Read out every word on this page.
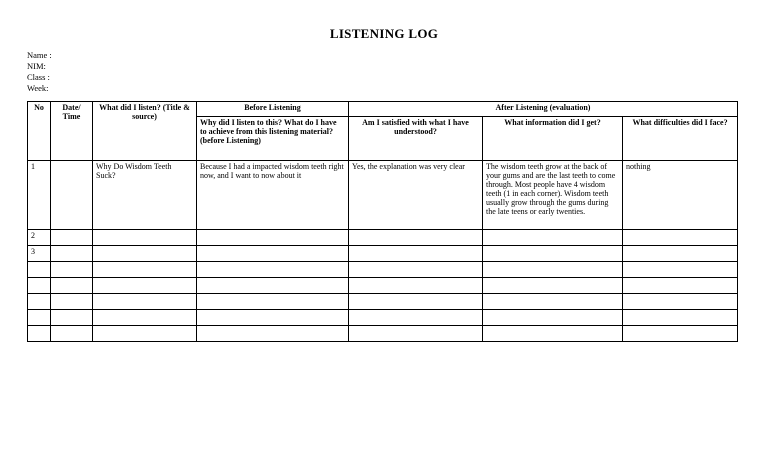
LISTENING LOG
Name :
NIM:
Class :
Week:
No	Date/ Time	What did I listen? (Title & source)	Before Listening	After Listening (evaluation)		
			Why did I listen to this? What do I have to achieve from this listening material? (before Listening)	Am I satisfied with what I have understood?	What information did I get?	What difficulties did I face?
1		Why Do Wisdom Teeth Suck?	Because I had a impacted wisdom teeth right now, and I want to now about it	Yes, the explanation was very clear	The wisdom teeth grow at the back of your gums and are the last teeth to come through. Most people have 4 wisdom teeth (1 in each corner). Wisdom teeth usually grow through the gums during the late teens or early twenties.	nothing
2						
3						
